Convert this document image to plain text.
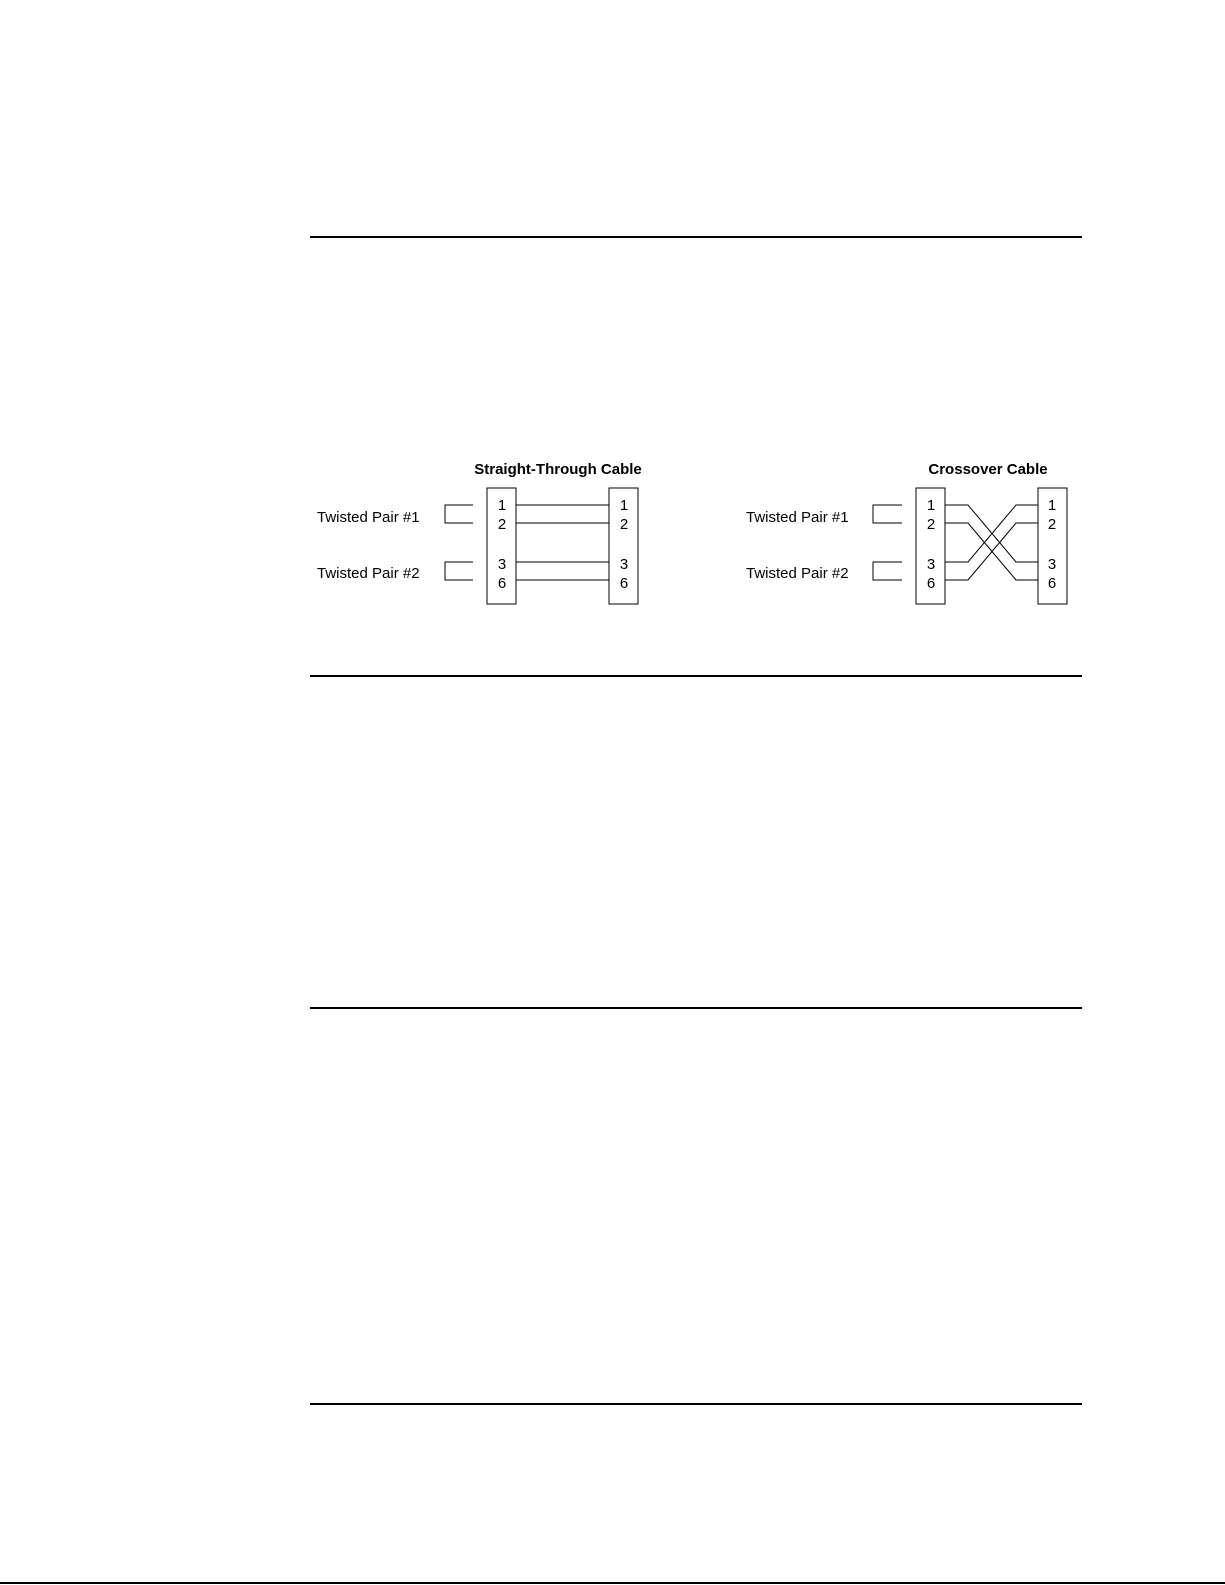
Straight-Through Cable
Twisted Pair #1
Twisted Pair #2
1
2
3
6
1
2
3
6
Crossover Cable
Twisted Pair #1
Twisted Pair #2
1
2
3
6
1
2
3
6
